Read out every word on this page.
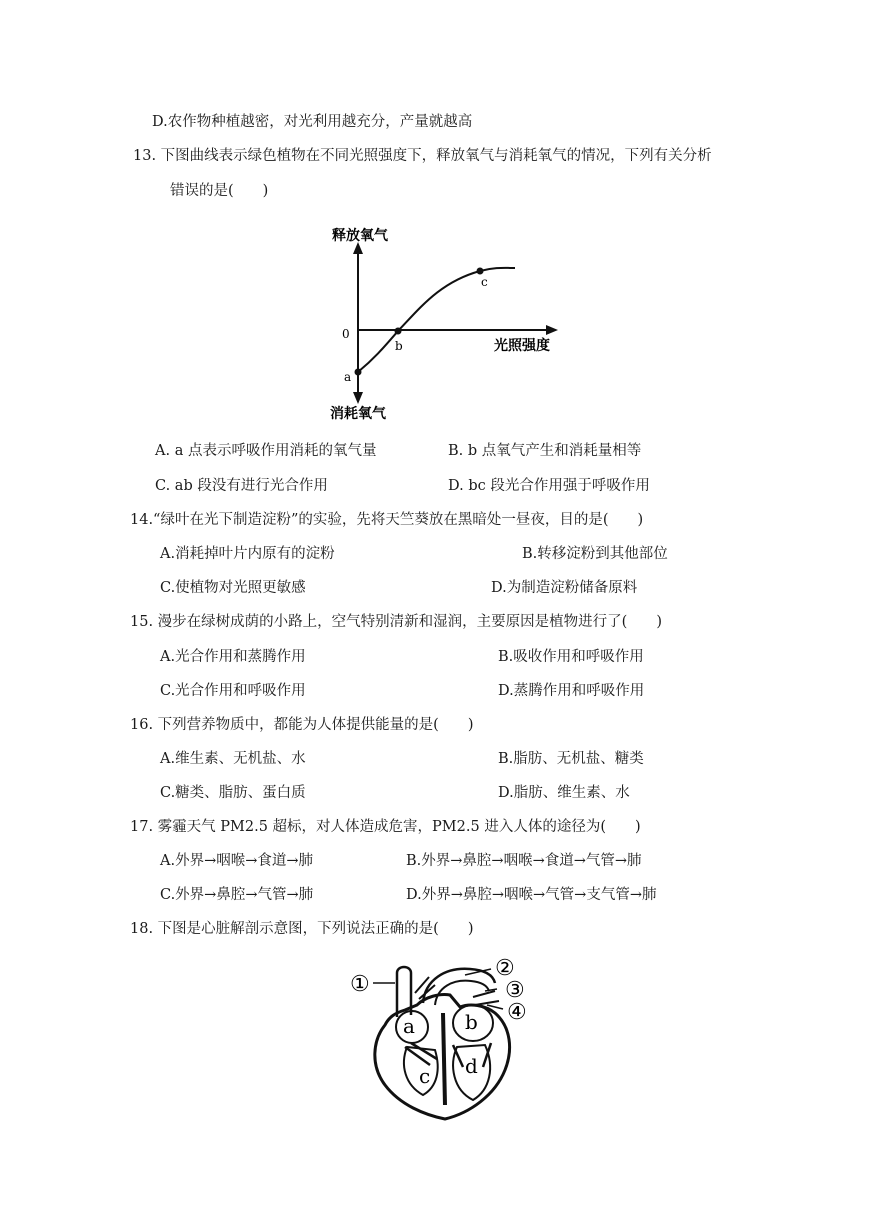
D.农作物种植越密，对光利用越充分，产量就越高
13. 下图曲线表示绿色植物在不同光照强度下，释放氧气与消耗氧气的情况，下列有关分析
错误的是(　　)
释放氧气
消耗氧气
光照强度
0
a
b
c
A. a 点表示呼吸作用消耗的氧气量	B. b 点氧气产生和消耗量相等
C. ab 段没有进行光合作用	D. bc 段光合作用强于呼吸作用
14.“绿叶在光下制造淀粉”的实验，先将天竺葵放在黑暗处一昼夜，目的是(　　)
A.消耗掉叶片内原有的淀粉	B.转移淀粉到其他部位
C.使植物对光照更敏感	D.为制造淀粉储备原料
15. 漫步在绿树成荫的小路上，空气特别清新和湿润，主要原因是植物进行了(　　)
A.光合作用和蒸腾作用	B.吸收作用和呼吸作用
C.光合作用和呼吸作用	D.蒸腾作用和呼吸作用
16. 下列营养物质中，都能为人体提供能量的是(　　)
A.维生素、无机盐、水	B.脂肪、无机盐、糖类
C.糖类、脂肪、蛋白质	D.脂肪、维生素、水
17. 雾霾天气 PM2.5 超标，对人体造成危害，PM2.5 进入人体的途径为(　　)
A.外界→咽喉→食道→肺	B.外界→鼻腔→咽喉→食道→气管→肺
C.外界→鼻腔→气管→肺	D.外界→鼻腔→咽喉→气管→支气管→肺
18. 下图是心脏解剖示意图，下列说法正确的是(　　)
①
②
③
④
a	b
c d
